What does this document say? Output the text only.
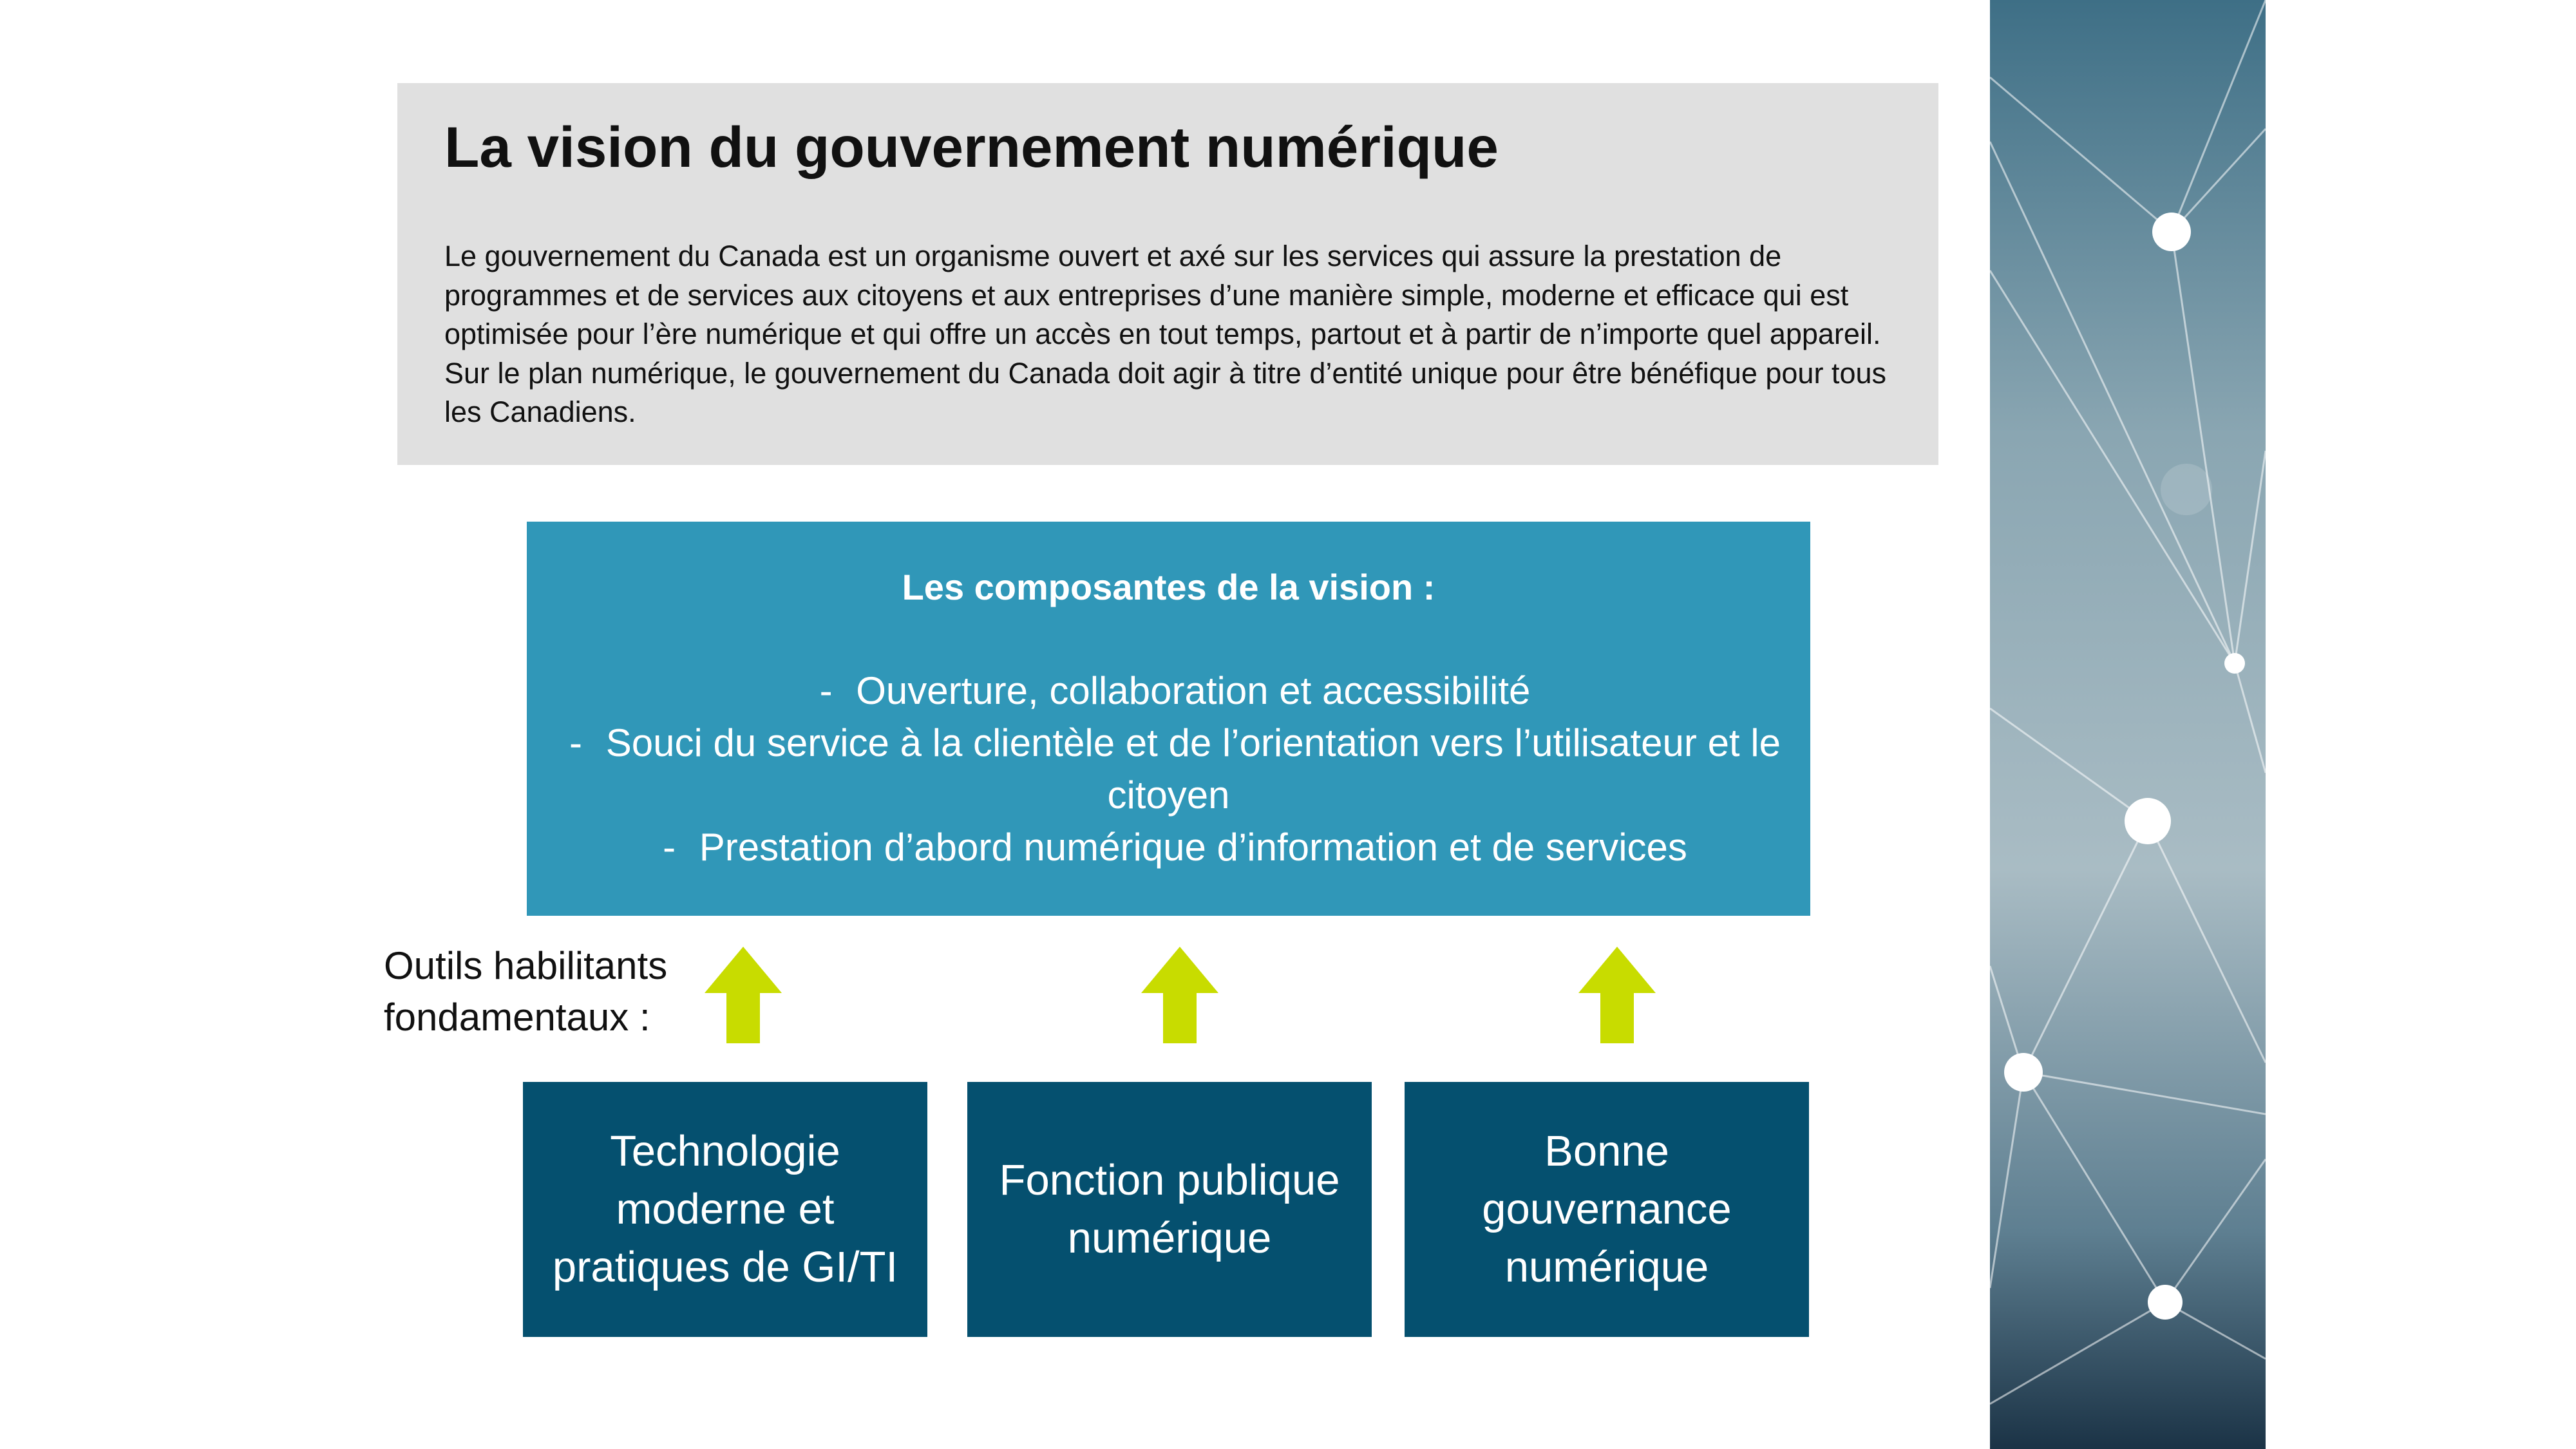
La vision du gouvernement numérique
Le gouvernement du Canada est un organisme ouvert et axé sur les services qui assure la prestation de programmes et de services aux citoyens et aux entreprises d’une manière simple, moderne et efficace qui est optimisée pour l’ère numérique et qui offre un accès en tout temps, partout et à partir de n’importe quel appareil. Sur le plan numérique, le gouvernement du Canada doit agir à titre d’entité unique pour être bénéfique pour tous les Canadiens.
Les composantes de la vision :
- Ouverture, collaboration et accessibilité
- Souci du service à la clientèle et de l’orientation vers l’utilisateur et le citoyen
- Prestation d’abord numérique d’information et de services
Outils habilitants fondamentaux :
Technologie moderne et pratiques de GI/TI
Fonction publique numérique
Bonne gouvernance numérique
